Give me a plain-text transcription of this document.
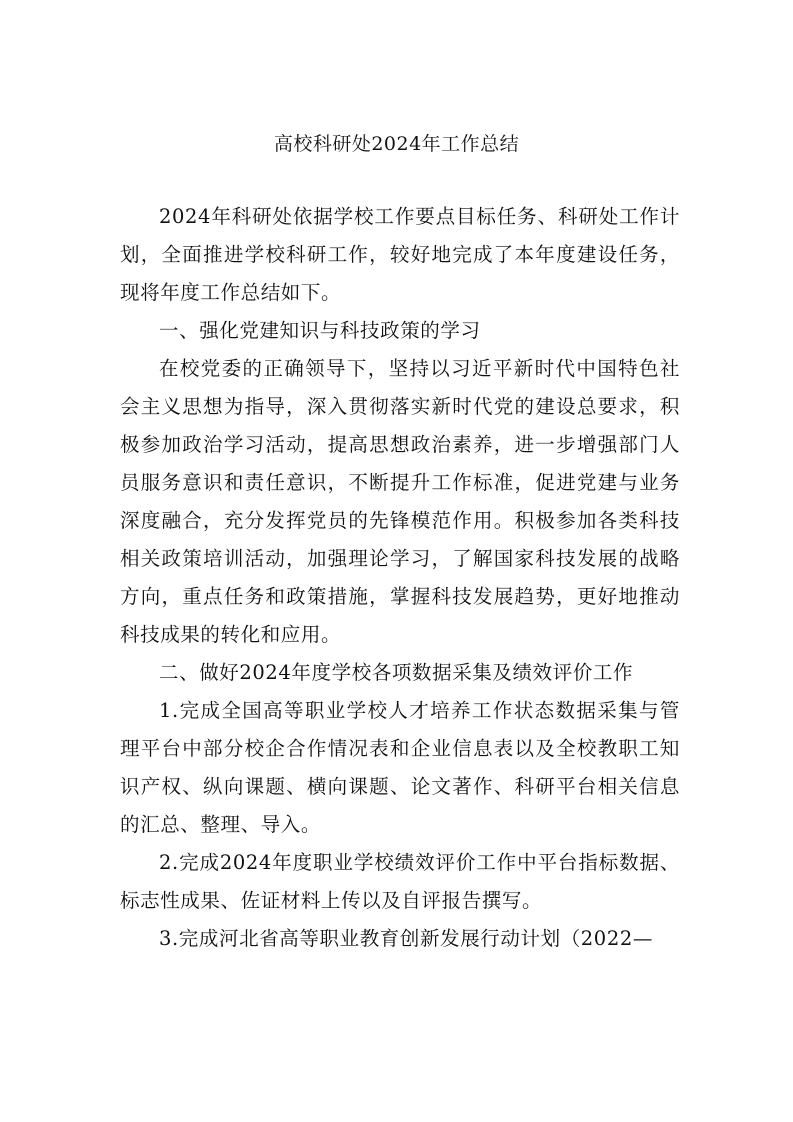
高校科研处2024年工作总结

2024年科研处依据学校工作要点目标任务、科研处工作计划，全面推进学校科研工作，较好地完成了本年度建设任务，现将年度工作总结如下。

一、强化党建知识与科技政策的学习

在校党委的正确领导下，坚持以习近平新时代中国特色社会主义思想为指导，深入贯彻落实新时代党的建设总要求，积极参加政治学习活动，提高思想政治素养，进一步增强部门人员服务意识和责任意识，不断提升工作标准，促进党建与业务深度融合，充分发挥党员的先锋模范作用。积极参加各类科技相关政策培训活动，加强理论学习，了解国家科技发展的战略方向，重点任务和政策措施，掌握科技发展趋势，更好地推动科技成果的转化和应用。

二、做好2024年度学校各项数据采集及绩效评价工作

1.完成全国高等职业学校人才培养工作状态数据采集与管理平台中部分校企合作情况表和企业信息表以及全校教职工知识产权、纵向课题、横向课题、论文著作、科研平台相关信息的汇总、整理、导入。

2.完成2024年度职业学校绩效评价工作中平台指标数据、标志性成果、佐证材料上传以及自评报告撰写。

3.完成河北省高等职业教育创新发展行动计划（2022—
